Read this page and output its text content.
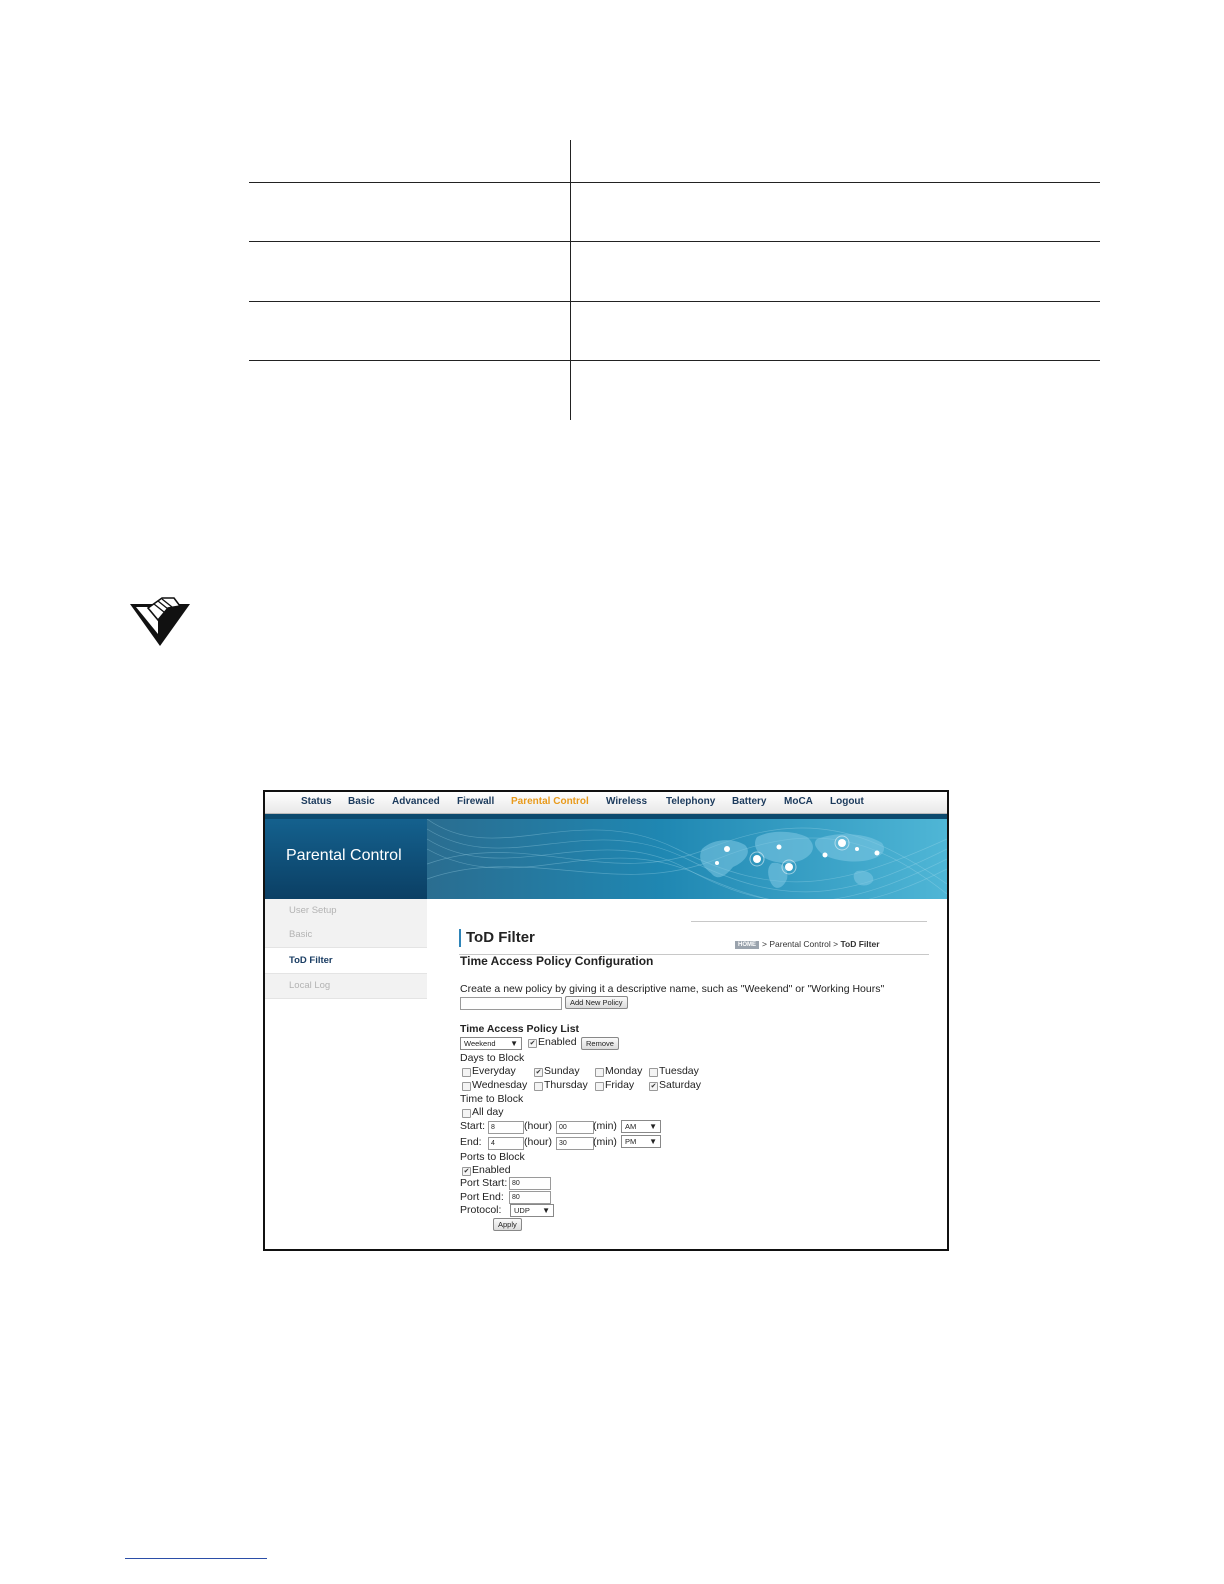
Status Basic Advanced Firewall Parental Control Wireless Telephony Battery MoCA Logout
Parental Control
User Setup
Basic
ToD Filter
Local Log
ToD Filter	HOME > Parental Control > ToD Filter
Time Access Policy Configuration
Create a new policy by giving it a descriptive name, such as "Weekend" or "Working Hours"
Add New Policy
Time Access Policy List
Weekend ▼ ✔ Enabled	Remove
Days to Block
Everyday	✔ Sunday Monday Tuesday
Wednesday Thursday Friday ✔ Saturday
Time to Block
All day
Start: 8	(hour) 00	(min)	AM ▼
End:	4	(hour) 30	(min)	PM ▼
Ports to Block
✔ Enabled
Port Start: 80
Port End:	80
Protocol:	UDP ▼
Apply
